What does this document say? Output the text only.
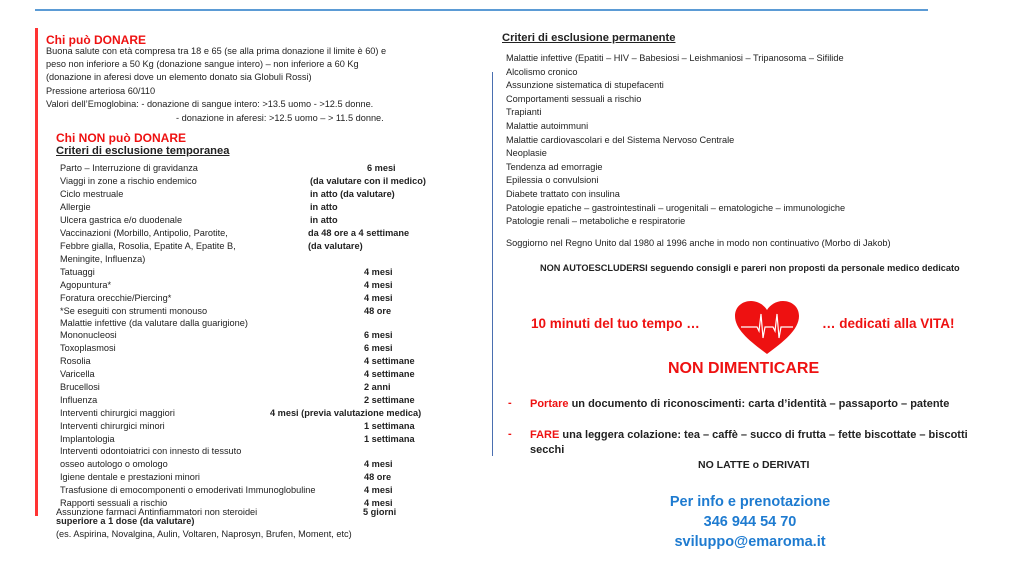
Chi può DONARE
Buona salute con età compresa tra 18 e 65 (se alla prima donazione il limite è 60) e
peso non inferiore a 50 Kg (donazione sangue intero) – non inferiore a 60 Kg
(donazione in aferesi dove un elemento donato sia Globuli Rossi)
Pressione arteriosa 60/110
Valori dell’Emoglobina: - donazione di sangue intero: >13.5 uomo - >12.5 donne.
- donazione in aferesi: >12.5 uomo – > 11.5 donne.
Chi NON può DONARE
Criteri di esclusione temporanea
Parto – Interruzione di gravidanza	6 mesi
Viaggi in zone a rischio endemico	(da valutare con il medico)
Ciclo mestruale	in atto (da valutare)
Allergie	in atto
Ulcera gastrica e/o duodenale	in atto
Vaccinazioni (Morbillo, Antipolio, Parotite,	da 48 ore a 4 settimane
Febbre gialla, Rosolia, Epatite A, Epatite B,	(da valutare)
Meningite, Influenza)
Tatuaggi	4 mesi
Agopuntura*	4 mesi
Foratura orecchie/Piercing*	4 mesi
*Se eseguiti con strumenti monouso	48 ore
Malattie infettive (da valutare dalla guarigione)
Mononucleosi	6 mesi
Toxoplasmosi	6 mesi
Rosolia	4 settimane
Varicella	4 settimane
Brucellosi	2 anni
Influenza	2 settimane
Interventi chirurgici maggiori	4 mesi (previa valutazione medica)
Interventi chirurgici minori	1 settimana
Implantologia	1 settimana
Interventi odontoiatrici con innesto di tessuto
osseo autologo o omologo	4 mesi
Igiene dentale e prestazioni minori	48 ore
Trasfusione di emocomponenti o emoderivati Immunoglobuline	4 mesi
Rapporti sessuali a rischio	4 mesi
Assunzione farmaci Antinfiammatori non steroidei	5 giorni
superiore a 1 dose (da valutare)
(es. Aspirina, Novalgina, Aulin, Voltaren, Naprosyn, Brufen, Moment, etc)
Criteri di esclusione permanente
Malattie infettive (Epatiti – HIV – Babesiosi – Leishmaniosi – Tripanosoma – Sifilide
Alcolismo cronico
Assunzione sistematica di stupefacenti
Comportamenti sessuali a rischio
Trapianti
Malattie autoimmuni
Malattie cardiovascolari e del Sistema Nervoso Centrale
Neoplasie
Tendenza ad emorragie
Epilessia o convulsioni
Diabete trattato con insulina
Patologie epatiche – gastrointestinali – urogenitali – ematologiche – immunologiche
Patologie renali – metaboliche e respiratorie
Soggiorno nel Regno Unito dal 1980 al 1996 anche in modo non continuativo (Morbo di Jakob)
NON AUTOESCLUDERSI seguendo consigli e pareri non proposti da personale medico dedicato
10 minuti del tuo tempo …	… dedicati alla VITA!
NON DIMENTICARE
- Portare un documento di riconoscimenti: carta d’identità – passaporto – patente
- FARE una leggera colazione: tea – caffè – succo di frutta – fette biscottate – biscotti
secchi
NO LATTE o DERIVATI
Per info e prenotazione
346 944 54 70
sviluppo@emaroma.it
